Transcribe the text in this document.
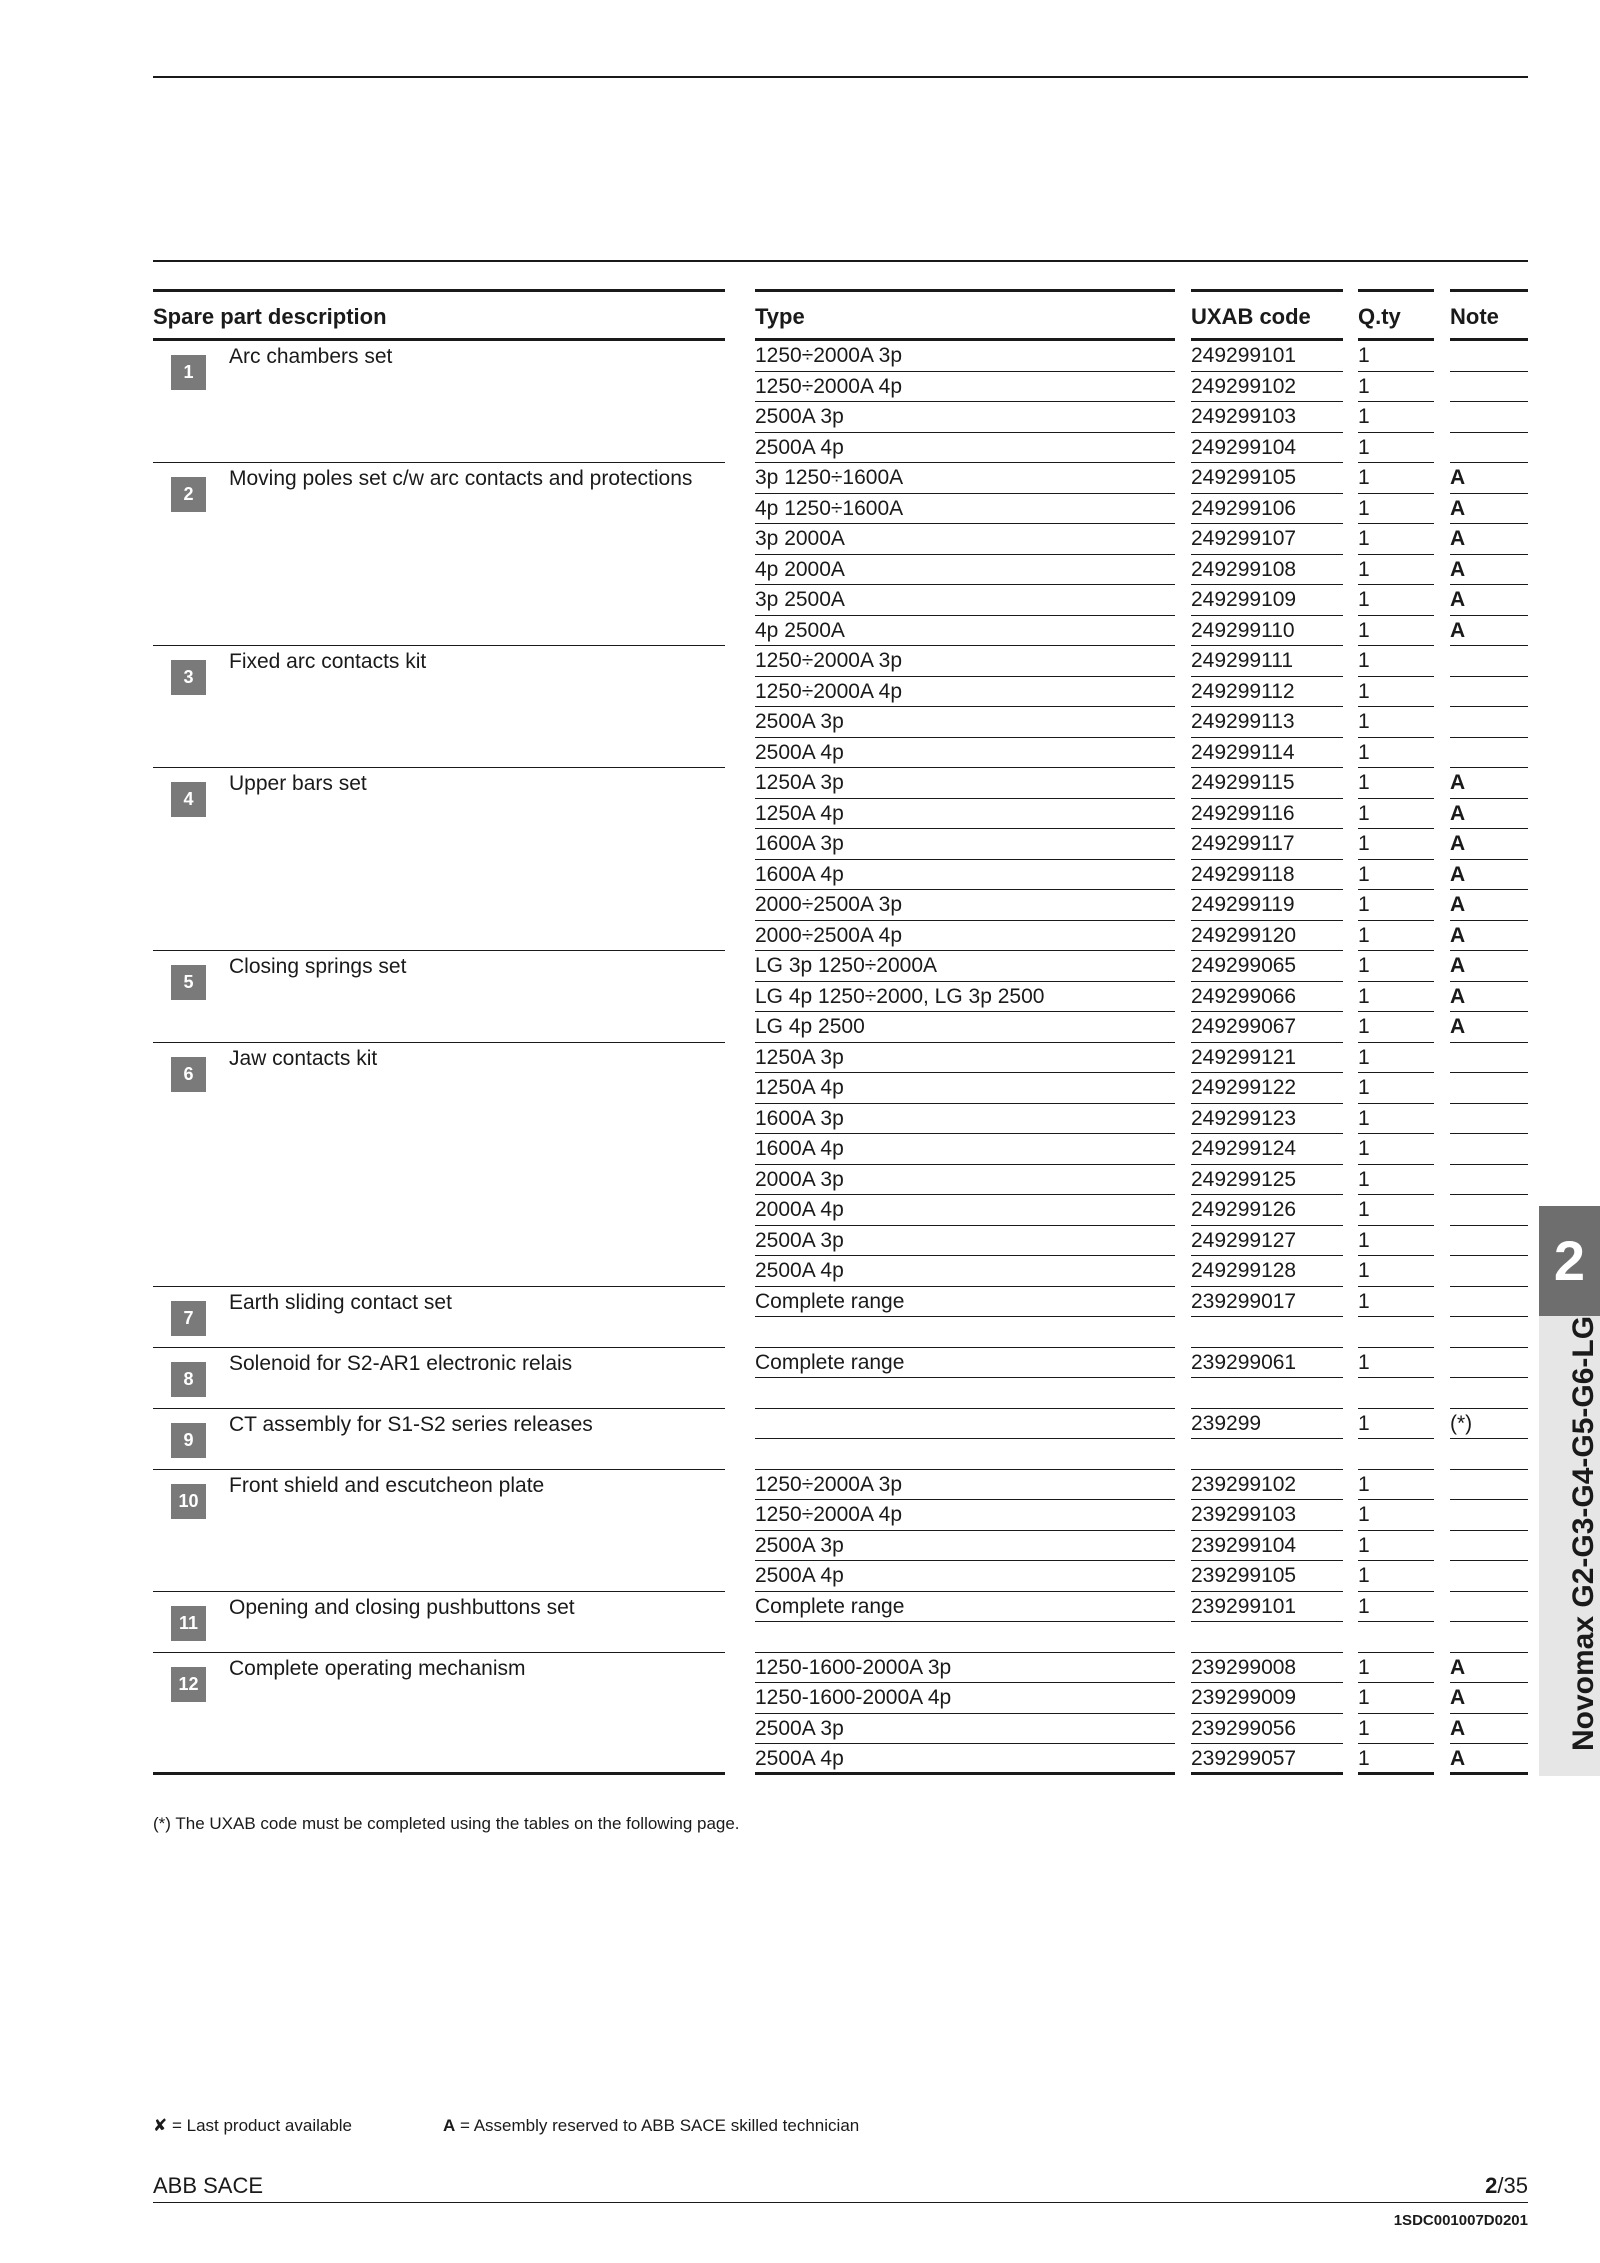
Spare part description
1
Arc chambers set
2
Moving poles set c/w arc contacts and protections
3
Fixed arc contacts kit
4
Upper bars set
5
Closing springs set
6
Jaw contacts kit
7
Earth sliding contact set
8
Solenoid for S2-AR1 electronic relais
9
CT assembly for S1-S2 series releases
10
Front shield and escutcheon plate
11
Opening and closing pushbuttons set
12
Complete operating mechanism
Type
1250÷2000A 3p
1250÷2000A 4p
2500A 3p
2500A 4p
3p 1250÷1600A
4p 1250÷1600A
3p 2000A
4p 2000A
3p 2500A
4p 2500A
1250÷2000A 3p
1250÷2000A 4p
2500A 3p
2500A 4p
1250A 3p
1250A 4p
1600A 3p
1600A 4p
2000÷2500A 3p
2000÷2500A 4p
LG 3p 1250÷2000A
LG 4p 1250÷2000, LG 3p 2500
LG 4p 2500
1250A 3p
1250A 4p
1600A 3p
1600A 4p
2000A 3p
2000A 4p
2500A 3p
2500A 4p
Complete range
Complete range
1250÷2000A 3p
1250÷2000A 4p
2500A 3p
2500A 4p
Complete range
1250-1600-2000A 3p
1250-1600-2000A 4p
2500A 3p
2500A 4p
UXAB code
249299101
249299102
249299103
249299104
249299105
249299106
249299107
249299108
249299109
249299110
249299111
249299112
249299113
249299114
249299115
249299116
249299117
249299118
249299119
249299120
249299065
249299066
249299067
249299121
249299122
249299123
249299124
249299125
249299126
249299127
249299128
239299017
239299061
239299
239299102
239299103
239299104
239299105
239299101
239299008
239299009
239299056
239299057
Q.ty
1
1
1
1
1
1
1
1
1
1
1
1
1
1
1
1
1
1
1
1
1
1
1
1
1
1
1
1
1
1
1
1
1
1
1
1
1
1
1
1
1
1
1
Note
A
A
A
A
A
A
A
A
A
A
A
A
A
A
A
(*)
A
A
A
A
(*) The UXAB code must be completed using the tables on the following page.
✘ = Last product available	A = Assembly reserved to ABB SACE skilled technician
ABB SACE	2/35
1SDC001007D0201
2
Novomax G2-G3-G4-G5-G6-LG
